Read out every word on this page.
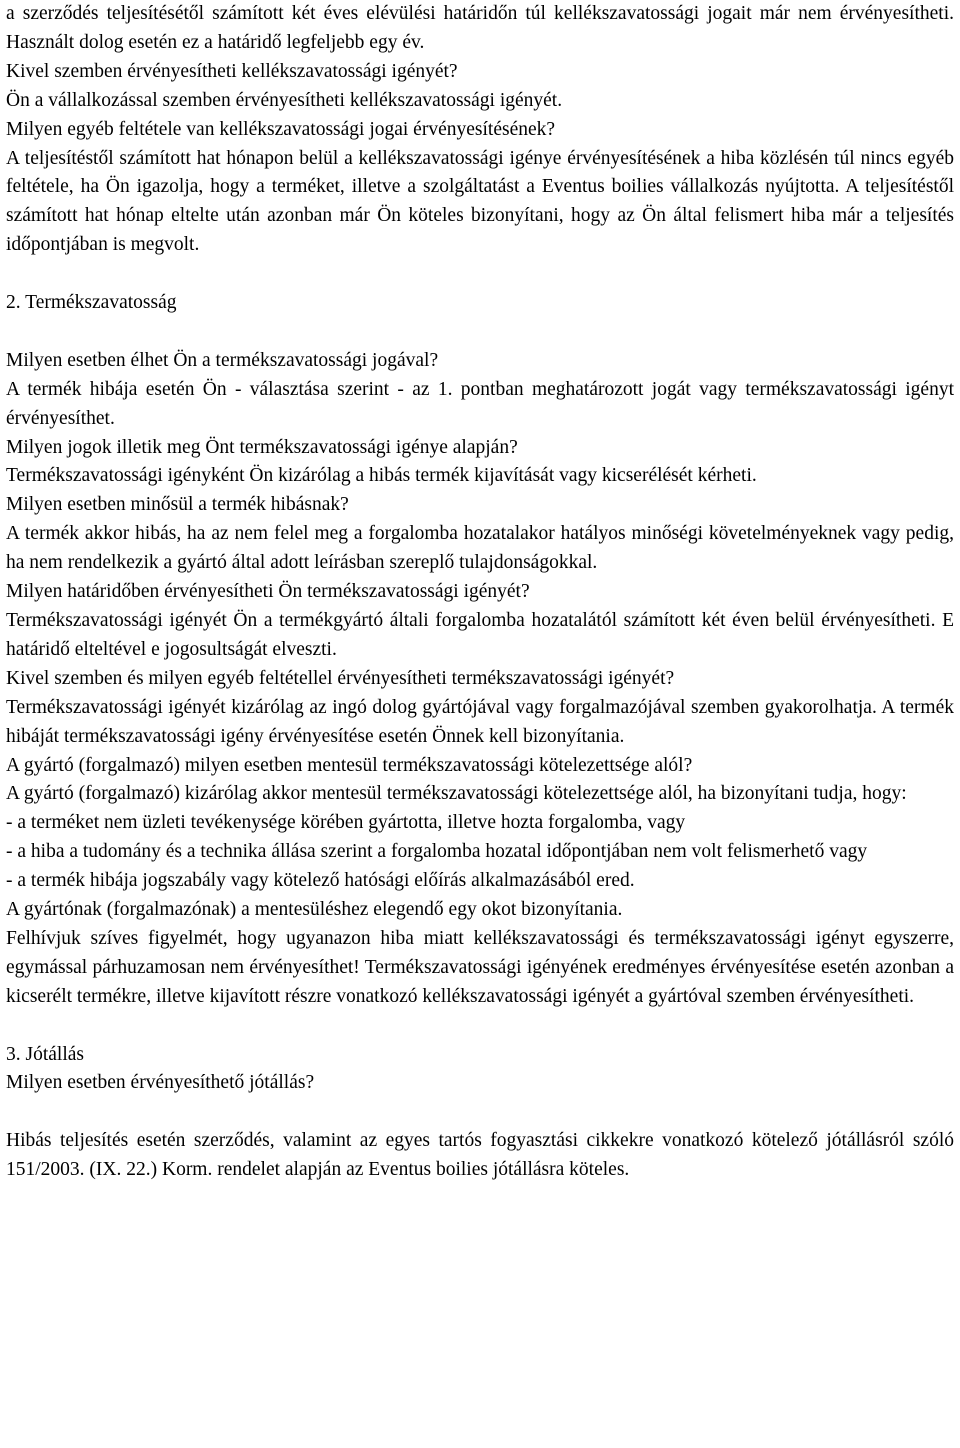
a szerződés teljesítésétől számított két éves elévülési határidőn túl kellékszavatossági jogait már nem érvényesítheti. Használt dolog esetén ez a határidő legfeljebb egy év.

Kivel szemben érvényesítheti kellékszavatossági igényét?

Ön a vállalkozással szemben érvényesítheti kellékszavatossági igényét.

Milyen egyéb feltétele van kellékszavatossági jogai érvényesítésének?

A teljesítéstől számított hat hónapon belül a kellékszavatossági igénye érvényesítésének a hiba közlésén túl nincs egyéb feltétele, ha Ön igazolja, hogy a terméket, illetve a szolgáltatást a Eventus boilies vállalkozás nyújtotta. A teljesítéstől számított hat hónap eltelte után azonban már Ön köteles bizonyítani, hogy az Ön által felismert hiba már a teljesítés időpontjában is megvolt.

2. Termékszavatosság

Milyen esetben élhet Ön a termékszavatossági jogával?

A termék hibája esetén Ön - választása szerint - az 1. pontban meghatározott jogát vagy termékszavatossági igényt érvényesíthet.

Milyen jogok illetik meg Önt termékszavatossági igénye alapján?

Termékszavatossági igényként Ön kizárólag a hibás termék kijavítását vagy kicserélését kérheti.

Milyen esetben minősül a termék hibásnak?

A termék akkor hibás, ha az nem felel meg a forgalomba hozatalakor hatályos minőségi követelményeknek vagy pedig, ha nem rendelkezik a gyártó által adott leírásban szereplő tulajdonságokkal.

Milyen határidőben érvényesítheti Ön termékszavatossági igényét?

Termékszavatossági igényét Ön a termékgyártó általi forgalomba hozatalától számított két éven belül érvényesítheti. E határidő elteltével e jogosultságát elveszti.

Kivel szemben és milyen egyéb feltétellel érvényesítheti termékszavatossági igényét?

Termékszavatossági igényét kizárólag az ingó dolog gyártójával vagy forgalmazójával szemben gyakorolhatja. A termék hibáját termékszavatossági igény érvényesítése esetén Önnek kell bizonyítania.

A gyártó (forgalmazó) milyen esetben mentesül termékszavatossági kötelezettsége alól?

A gyártó (forgalmazó) kizárólag akkor mentesül termékszavatossági kötelezettsége alól, ha bizonyítani tudja, hogy:

- a terméket nem üzleti tevékenysége körében gyártotta, illetve hozta forgalomba, vagy

- a hiba a tudomány és a technika állása szerint a forgalomba hozatal időpontjában nem volt felismerhető vagy

- a termék hibája jogszabály vagy kötelező hatósági előírás alkalmazásából ered.

A gyártónak (forgalmazónak) a mentesüléshez elegendő egy okot bizonyítania.

Felhívjuk szíves figyelmét, hogy ugyanazon hiba miatt kellékszavatossági és termékszavatossági igényt egyszerre, egymással párhuzamosan nem érvényesíthet! Termékszavatossági igényének eredményes érvényesítése esetén azonban a kicserélt termékre, illetve kijavított részre vonatkozó kellékszavatossági igényét a gyártóval szemben érvényesítheti.

3. Jótállás

Milyen esetben érvényesíthető jótállás?

Hibás teljesítés esetén szerződés, valamint az egyes tartós fogyasztási cikkekre vonatkozó kötelező jótállásról szóló 151/2003. (IX. 22.) Korm. rendelet alapján az Eventus boilies jótállásra köteles.
